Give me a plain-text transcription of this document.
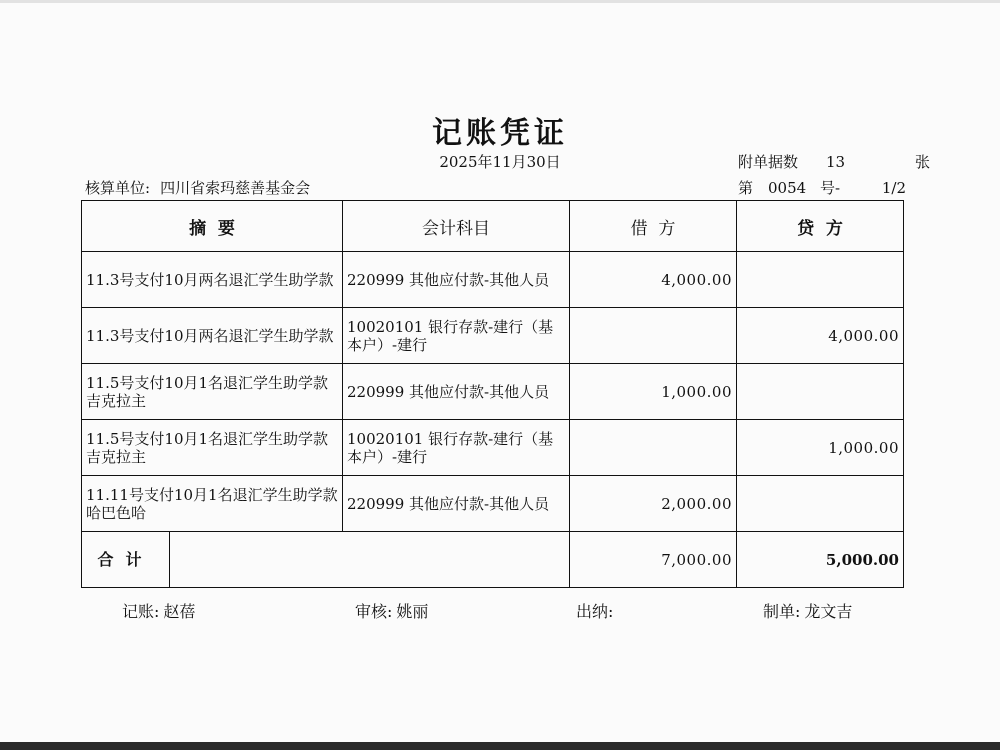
记账凭证
2025年11月30日	附单据数 13	张
核算单位: 四川省索玛慈善基金会	第 0054 号-	1/2
摘  要		会计科目	借  方	贷  方
11.3号支付10月两名退汇学生助学款		220999 其他应付款-其他人员	4,000.00	
11.3号支付10月两名退汇学生助学款		10020101 银行存款-建行（基本户）-建行		4,000.00
11.5号支付10月1名退汇学生助学款吉克拉主		220999 其他应付款-其他人员	1,000.00	
11.5号支付10月1名退汇学生助学款吉克拉主		10020101 银行存款-建行（基本户）-建行		1,000.00
11.11号支付10月1名退汇学生助学款哈巴色哈		220999 其他应付款-其他人员	2,000.00	
合计			7,000.00	5,000.00
记账: 赵蓓	审核: 姚丽	出纳:	制单: 龙文吉
